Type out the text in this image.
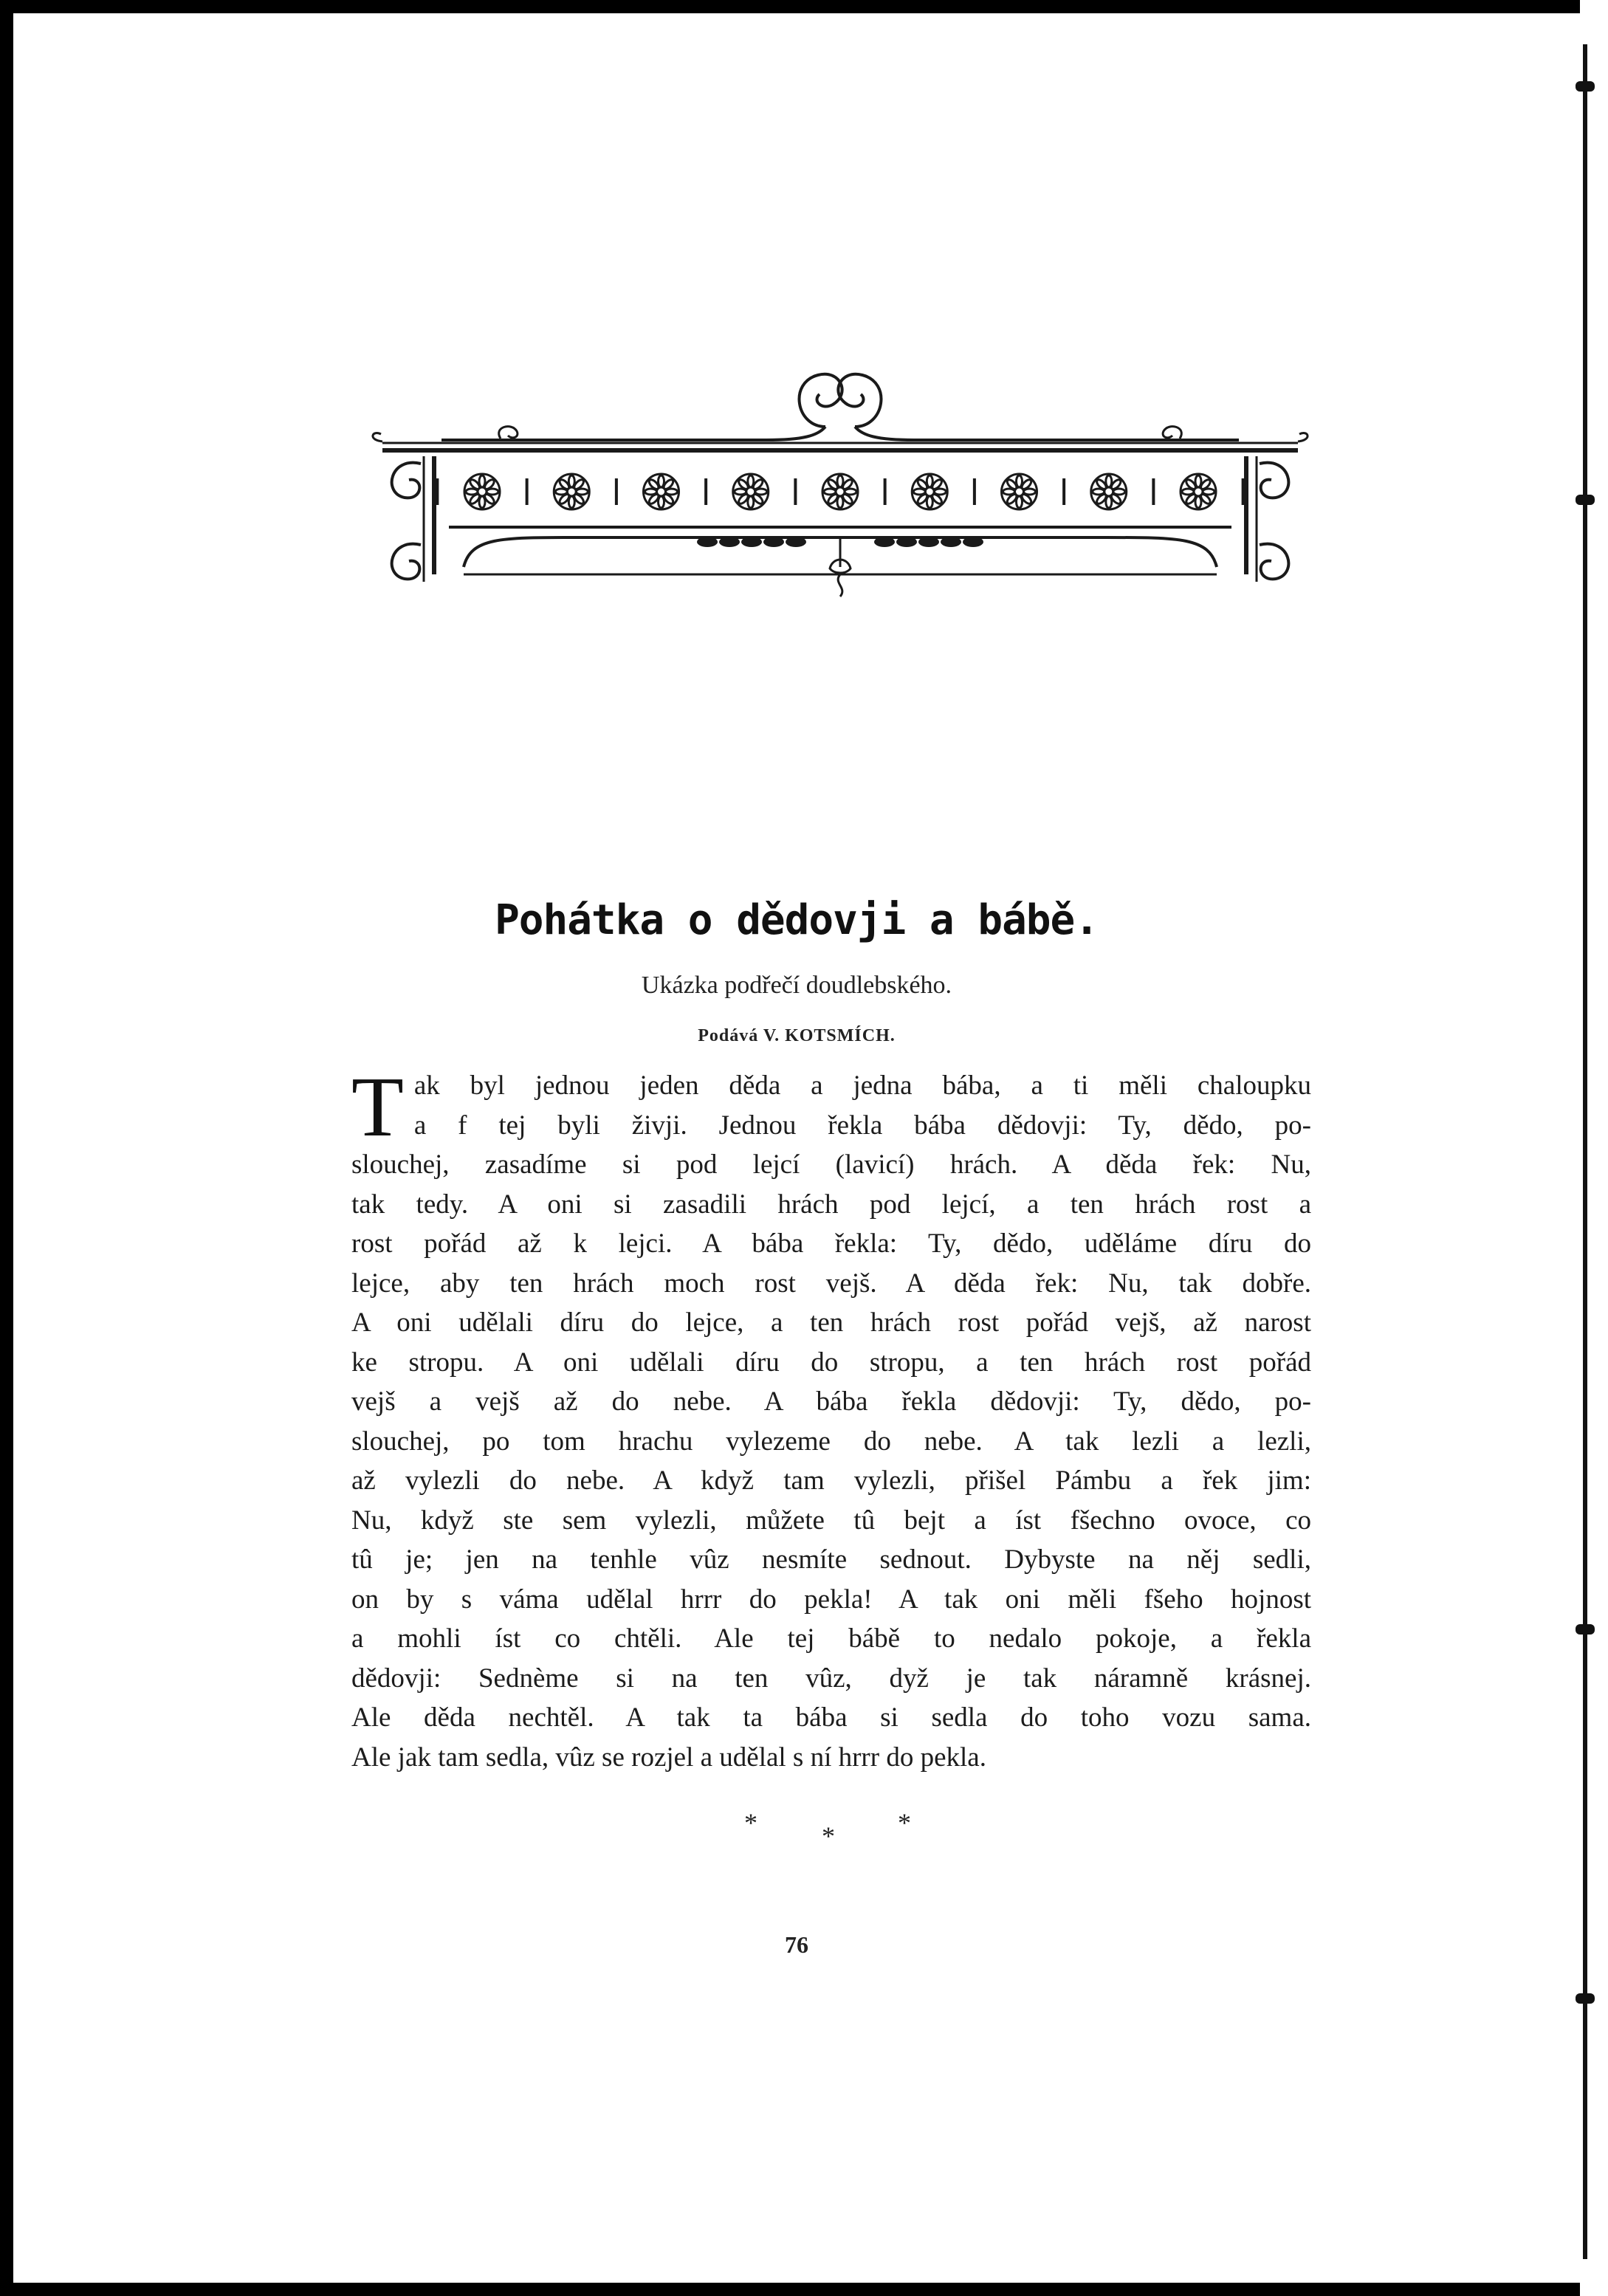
Pohátka o dědovji a bábě.

Ukázka podřečí doudlebského.

Podává V. KOTSMÍCH.

T ak byl jednou jeden děda a jedna bába, a ti měli chaloupku
a f tej byli živji. Jednou řekla bába dědovji: Ty, dědo, po-
slouchej, zasadíme si pod lejcí (lavicí) hrách. A děda řek: Nu,
tak tedy. A oni si zasadili hrách pod lejcí, a ten hrách rost a
rost pořád až k lejci. A bába řekla: Ty, dědo, uděláme díru do
lejce, aby ten hrách moch rost vejš. A děda řek: Nu, tak dobře.
A oni udělali díru do lejce, a ten hrách rost pořád vejš, až narost
ke stropu. A oni udělali díru do stropu, a ten hrách rost pořád
vejš a vejš až do nebe. A bába řekla dědovji: Ty, dědo, po-
slouchej, po tom hrachu vylezeme do nebe. A tak lezli a lezli,
až vylezli do nebe. A když tam vylezli, přišel Pámbu a řek jim:
Nu, když ste sem vylezli, můžete tû bejt a íst fšechno ovoce, co
tû je; jen na tenhle vûz nesmíte sednout. Dybyste na něj sedli,
on by s váma udělal hrrr do pekla! A tak oni měli fšeho hojnost
a mohli íst co chtěli. Ale tej bábě to nedalo pokoje, a řekla
dědovji: Sednème si na ten vûz, dyž je tak náramně krásnej.
Ale děda nechtěl. A tak ta bába si sedla do toho vozu sama.
Ale jak tam sedla, vûz se rozjel a udělal s ní hrrr do pekla.
* * *

76
